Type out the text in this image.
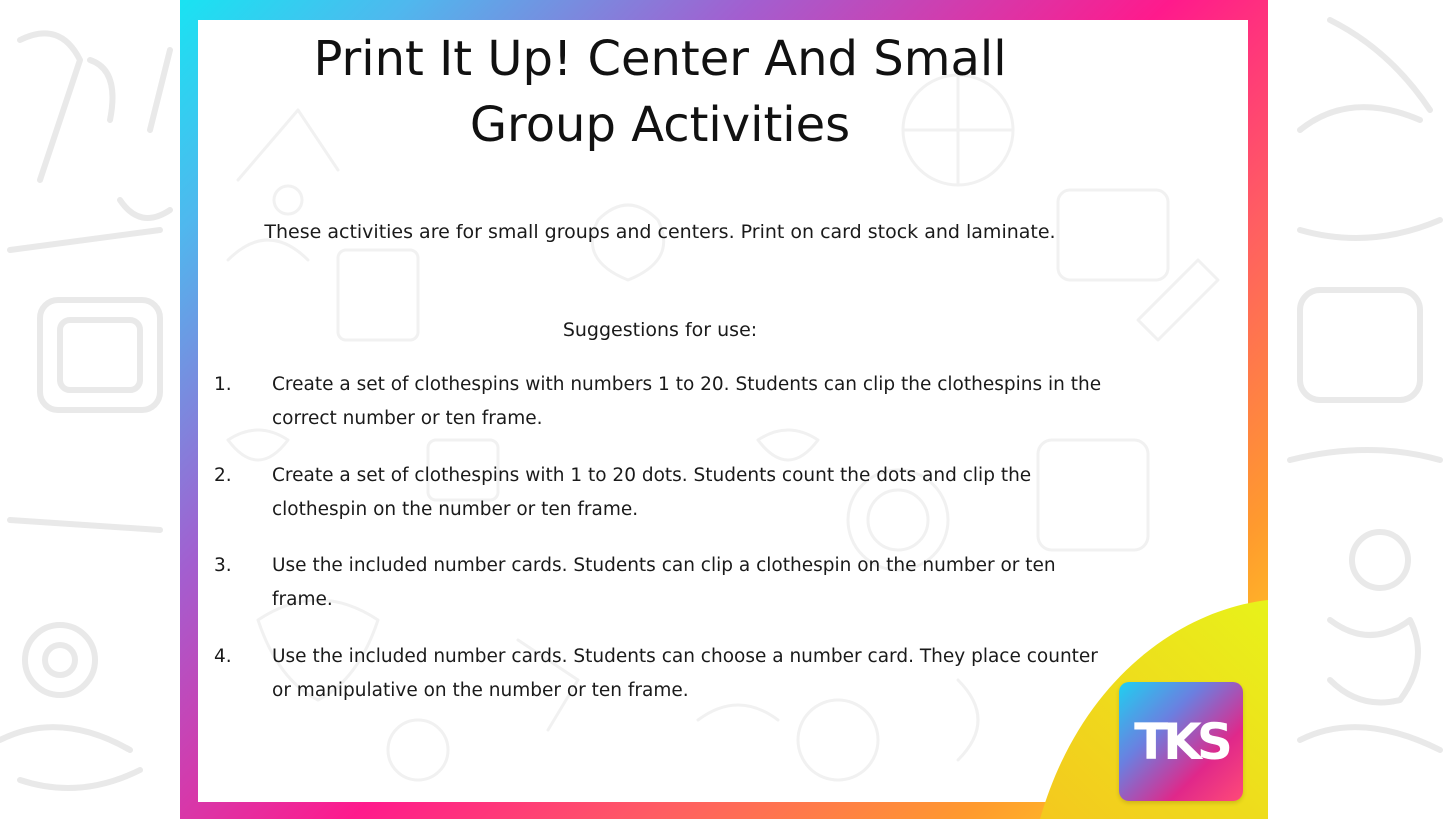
TKS
Print It Up! Center And Small
Group Activities

These activities are for small groups and centers. Print on card stock and laminate.

Suggestions for use:

1.	Create a set of clothespins with numbers 1 to 20. Students can clip the clothespins in the correct number or ten frame.
2.	Create a set of clothespins with 1 to 20 dots. Students count the dots and clip the clothespin on the number or ten frame.
3.	Use the included number cards. Students can clip a clothespin on the number or ten frame.
4.	Use the included number cards. Students can choose a number card. They place counter or manipulative on the number or ten frame.
